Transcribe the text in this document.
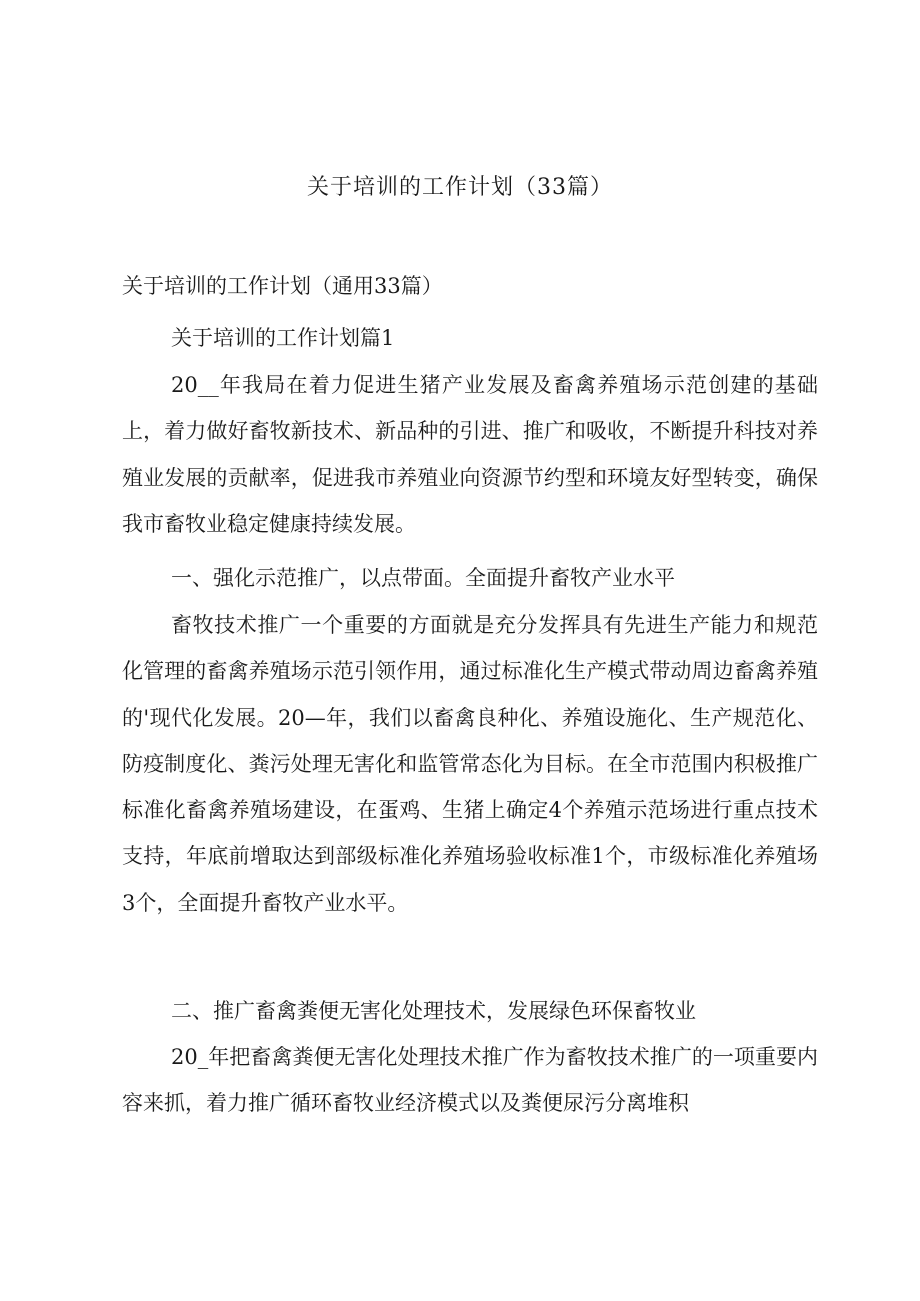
关于培训的工作计划（33篇）
关于培训的工作计划（通用33篇）
关于培训的工作计划篇1

20__年我局在着力促进生猪产业发展及畜禽养殖场示范创建的基础上，着力做好畜牧新技术、新品种的引进、推广和吸收，不断提升科技对养殖业发展的贡献率，促进我市养殖业向资源节约型和环境友好型转变，确保我市畜牧业稳定健康持续发展。

一、强化示范推广，以点带面。全面提升畜牧产业水平

畜牧技术推广一个重要的方面就是充分发挥具有先进生产能力和规范化管理的畜禽养殖场示范引领作用，通过标准化生产模式带动周边畜禽养殖的'现代化发展。20—年，我们以畜禽良种化、养殖设施化、生产规范化、防疫制度化、粪污处理无害化和监管常态化为目标。在全市范围内积极推广标准化畜禽养殖场建设，在蛋鸡、生猪上确定4个养殖示范场进行重点技术支持，年底前增取达到部级标准化养殖场验收标准1个，市级标准化养殖场3个，全面提升畜牧产业水平。

二、推广畜禽粪便无害化处理技术，发展绿色环保畜牧业

20_年把畜禽粪便无害化处理技术推广作为畜牧技术推广的一项重要内容来抓，着力推广循环畜牧业经济模式以及粪便尿污分离堆积
